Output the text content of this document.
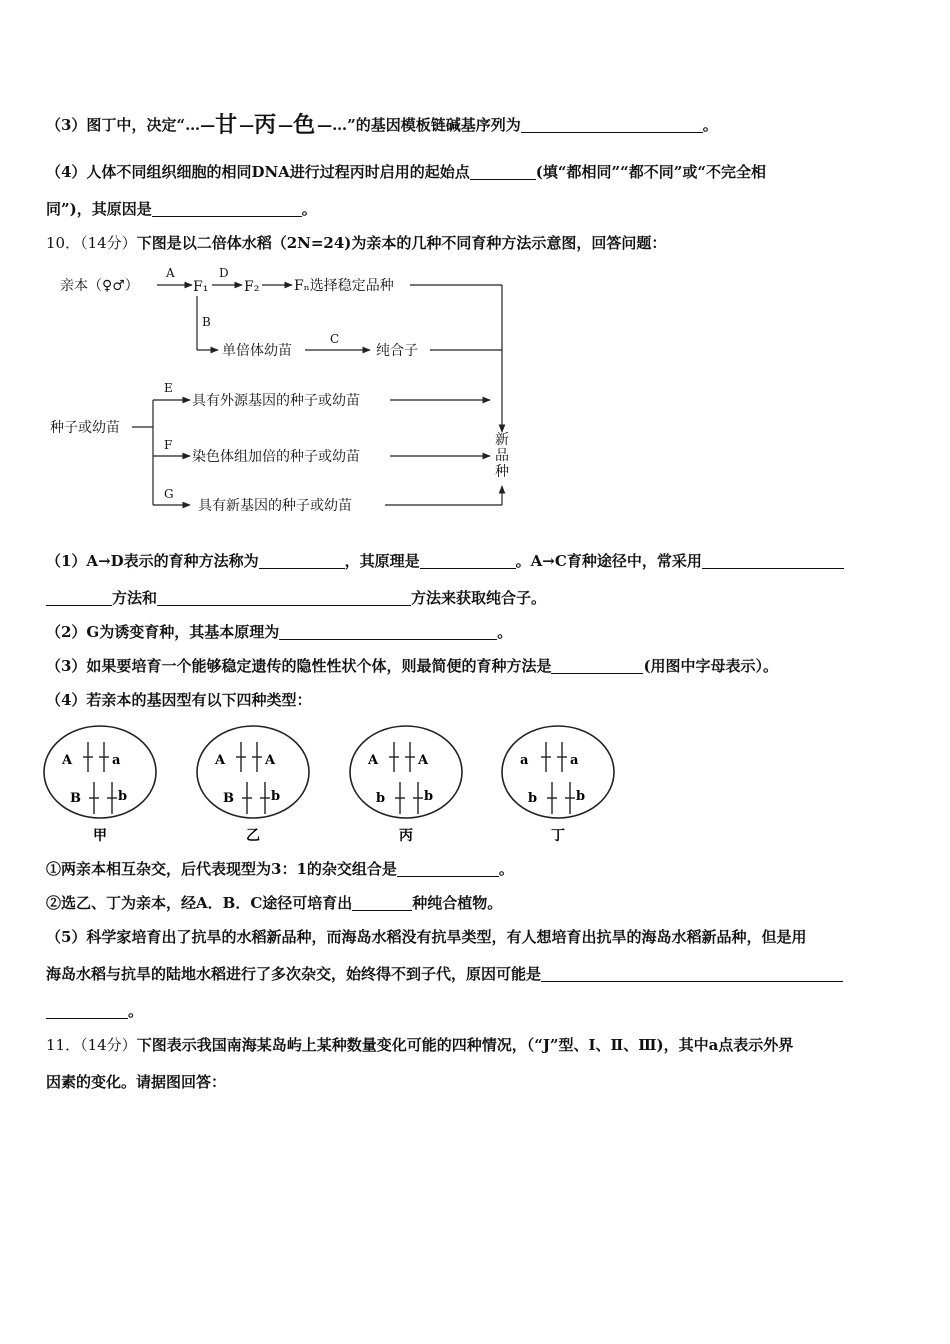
（3）图丁中，决定“…—甘—丙—色—…”的基因模板链碱基序列为	。
（4）人体不同组织细胞的相同DNA进行过程丙时启用的起始点	(填“都相同”“都不同”或“不完全相
同”)，其原因是	。
10．（14分）下图是以二倍体水稻（2N=24)为亲本的几种不同育种方法示意图，回答问题：
亲本（♀♂）
A
F₁
D
F₂ Fₙ选择稳定品种
B
单倍体幼苗
C
纯合子
种子或幼苗
E
具有外源基因的种子或幼苗
F
染色体组加倍的种子或幼苗
G
具有新基因的种子或幼苗
新
品
种
（1）A→D表示的育种方法称为	，其原理是	。A→C育种途径中，常采用
方法和	方法来获取纯合子。
（2）G为诱变育种，其基本原理为	。
（3）如果要培育一个能够稳定遗传的隐性性状个体，则最简便的育种方法是	(用图中字母表示）。
（4）若亲本的基因型有以下四种类型：
A	a
B	b
甲
A	A
B	b
乙
A	A
b	b
丙
a	a
b	b
丁
①两亲本相互杂交，后代表现型为3：1的杂交组合是	。
②选乙、丁为亲本，经A．B．C途径可培育出	种纯合植物。
（5）科学家培育出了抗旱的水稻新品种，而海岛水稻没有抗旱类型，有人想培育出抗旱的海岛水稻新品种，但是用
海岛水稻与抗旱的陆地水稻进行了多次杂交，始终得不到子代，原因可能是
。
11．（14分）下图表示我国南海某岛屿上某种数量变化可能的四种情况，（“J”型、Ⅰ、Ⅱ、Ⅲ)，其中a点表示外界
因素的变化。请据图回答：
